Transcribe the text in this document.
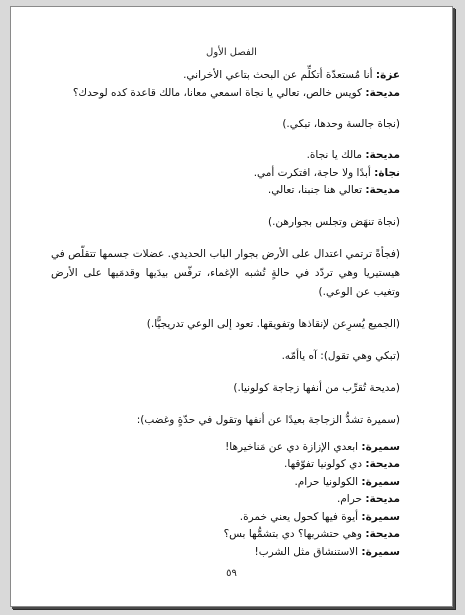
الفصل الأول
عزة: أنا مُستعدّة أتكلِّم عن البحث بتاعي الأخراني.
مديحة: كويس خالص، تعالي يا نجاة اسمعي معانا، مالك قاعدة كده لوحدك؟
(نجاة جالسة وحدها، تبكي.)
مديحة: مالك يا نجاة.
نجاة: أبدًا ولا حاجة، افتكرت أمي.
مديحة: تعالي هنا جنبنا، تعالي.
(نجاة تنهَض وتجلس بجوارهن.)
(فجأةً ترتمي اعتدال على الأرض بجوار الباب الحديدي. عضلات جسمها تتقلّص في هيستيريا وهي تردّد في حالةٍ تُشبه الإغماء، ترفّس بيدَيها وقدمَيها على الأرض وتغيب عن الوعي.)
(الجميع يُسرِعن لإنقاذها وتفويقها. تعود إلى الوعي تدريجيًّا.)
(تبكي وهي تقول): آه ياأمّه.
(مديحة تُقرِّب من أنفها زجاجة كولونيا.)
(سميرة تشدُّ الزجاجة بعيدًا عن أنفها وتقول في حدّةٍ وغضب):
سميرة: ابعدي الإزازة دي عن مَناخيرها!
مديحة: دي كولونيا تفوّقها.
سميرة: الكولونيا حرام.
مديحة: حرام.
سميرة: أيوة فيها كحول يعني خمرة.
مديحة: وهي حتشربها؟ دي بتشمُّها بس؟
سميرة: الاستنشاق مثل الشرب!
٥٩
